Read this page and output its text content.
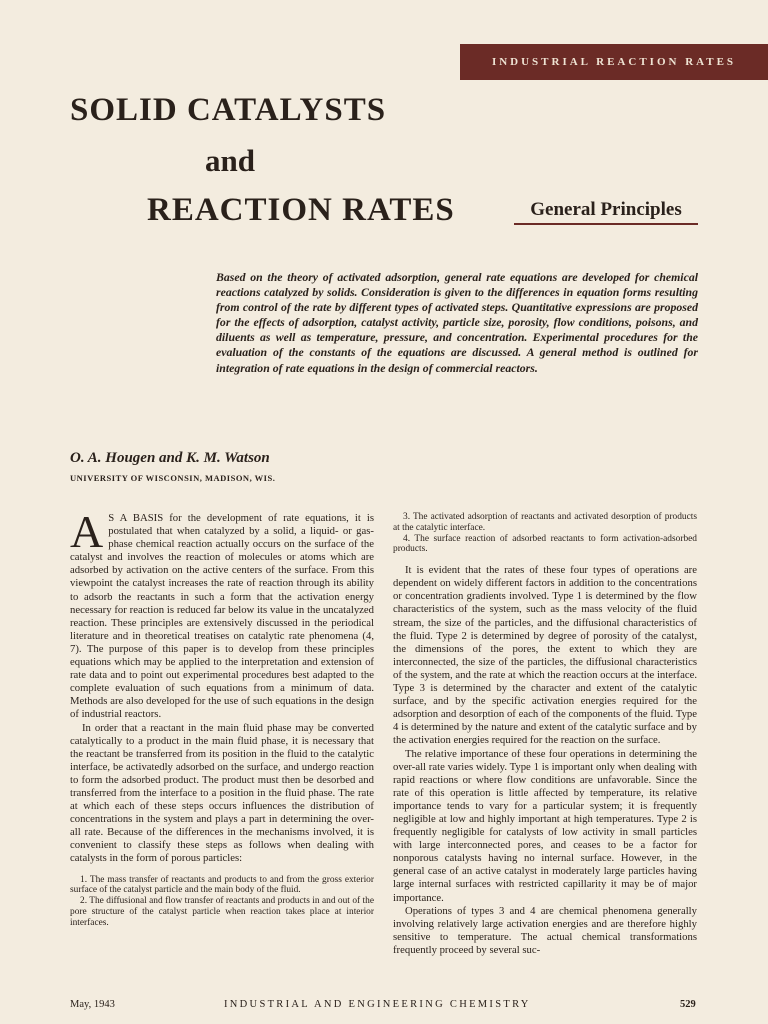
INDUSTRIAL REACTION RATES
SOLID CATALYSTS
and
REACTION RATES	General Principles

Based on the theory of activated adsorption, general rate equations are developed for chemical reactions catalyzed by solids. Consideration is given to the differences in equation forms resulting from control of the rate by different types of activated steps. Quantitative expressions are proposed for the effects of adsorption, catalyst activity, particle size, porosity, flow conditions, poisons, and diluents as well as temperature, pressure, and concentration. Experimental procedures for the evaluation of the constants of the equations are discussed. A general method is outlined for integration of rate equations in the design of commercial reactors.

O. A. Hougen and K. M. Watson

UNIVERSITY OF WISCONSIN, MADISON, WIS.

A S A BASIS for the development of rate equations, it is postulated that when catalyzed by a solid, a liquid- or gas-phase chemical reaction actually occurs on the surface of the catalyst and involves the reaction of molecules or atoms which are adsorbed by activation on the active centers of the surface. From this viewpoint the catalyst increases the rate of reaction through its ability to adsorb the reactants in such a form that the activation energy necessary for reaction is reduced far below its value in the uncatalyzed reaction. These principles are extensively discussed in the periodical literature and in theoretical treatises on catalytic rate phenomena (4, 7). The purpose of this paper is to develop from these principles equations which may be applied to the interpretation and extension of rate data and to point out experimental procedures best adapted to the complete evaluation of such equations from a minimum of data. Methods are also developed for the use of such equations in the design of industrial reactors.

In order that a reactant in the main fluid phase may be converted catalytically to a product in the main fluid phase, it is necessary that the reactant be transferred from its position in the fluid to the catalytic interface, be activatedly adsorbed on the surface, and undergo reaction to form the adsorbed product. The product must then be desorbed and transferred from the interface to a position in the fluid phase. The rate at which each of these steps occurs influences the distribution of concentrations in the system and plays a part in determining the over-all rate. Because of the differences in the mechanisms involved, it is convenient to classify these steps as follows when dealing with catalysts in the form of porous particles:

1. The mass transfer of reactants and products to and from the gross exterior surface of the catalyst particle and the main body of the fluid.

2. The diffusional and flow transfer of reactants and products in and out of the pore structure of the catalyst particle when reaction takes place at interior interfaces.

3. The activated adsorption of reactants and activated desorption of products at the catalytic interface.

4. The surface reaction of adsorbed reactants to form activation-adsorbed products.

It is evident that the rates of these four types of operations are dependent on widely different factors in addition to the concentrations or concentration gradients involved. Type 1 is determined by the flow characteristics of the system, such as the mass velocity of the fluid stream, the size of the particles, and the diffusional characteristics of the fluid. Type 2 is determined by degree of porosity of the catalyst, the dimensions of the pores, the extent to which they are interconnected, the size of the particles, the diffusional characteristics of the system, and the rate at which the reaction occurs at the interface. Type 3 is determined by the character and extent of the catalytic surface, and by the specific activation energies required for the adsorption and desorption of each of the components of the fluid. Type 4 is determined by the nature and extent of the catalytic surface and by the activation energies required for the reaction on the surface.

The relative importance of these four operations in determining the over-all rate varies widely. Type 1 is important only when dealing with rapid reactions or where flow conditions are unfavorable. Since the rate of this operation is little affected by temperature, its relative importance tends to vary for a particular system; it is frequently negligible at low and highly important at high temperatures. Type 2 is frequently negligible for catalysts of low activity in small particles with large interconnected pores, and ceases to be a factor for nonporous catalysts having no internal surface. However, in the general case of an active catalyst in moderately large particles having large internal surfaces with restricted capillarity it may be of major importance.

Operations of types 3 and 4 are chemical phenomena generally involving relatively large activation energies and are therefore highly sensitive to temperature. The actual chemical transformations frequently proceed by several suc-

May, 1943	INDUSTRIAL AND ENGINEERING CHEMISTRY	529
